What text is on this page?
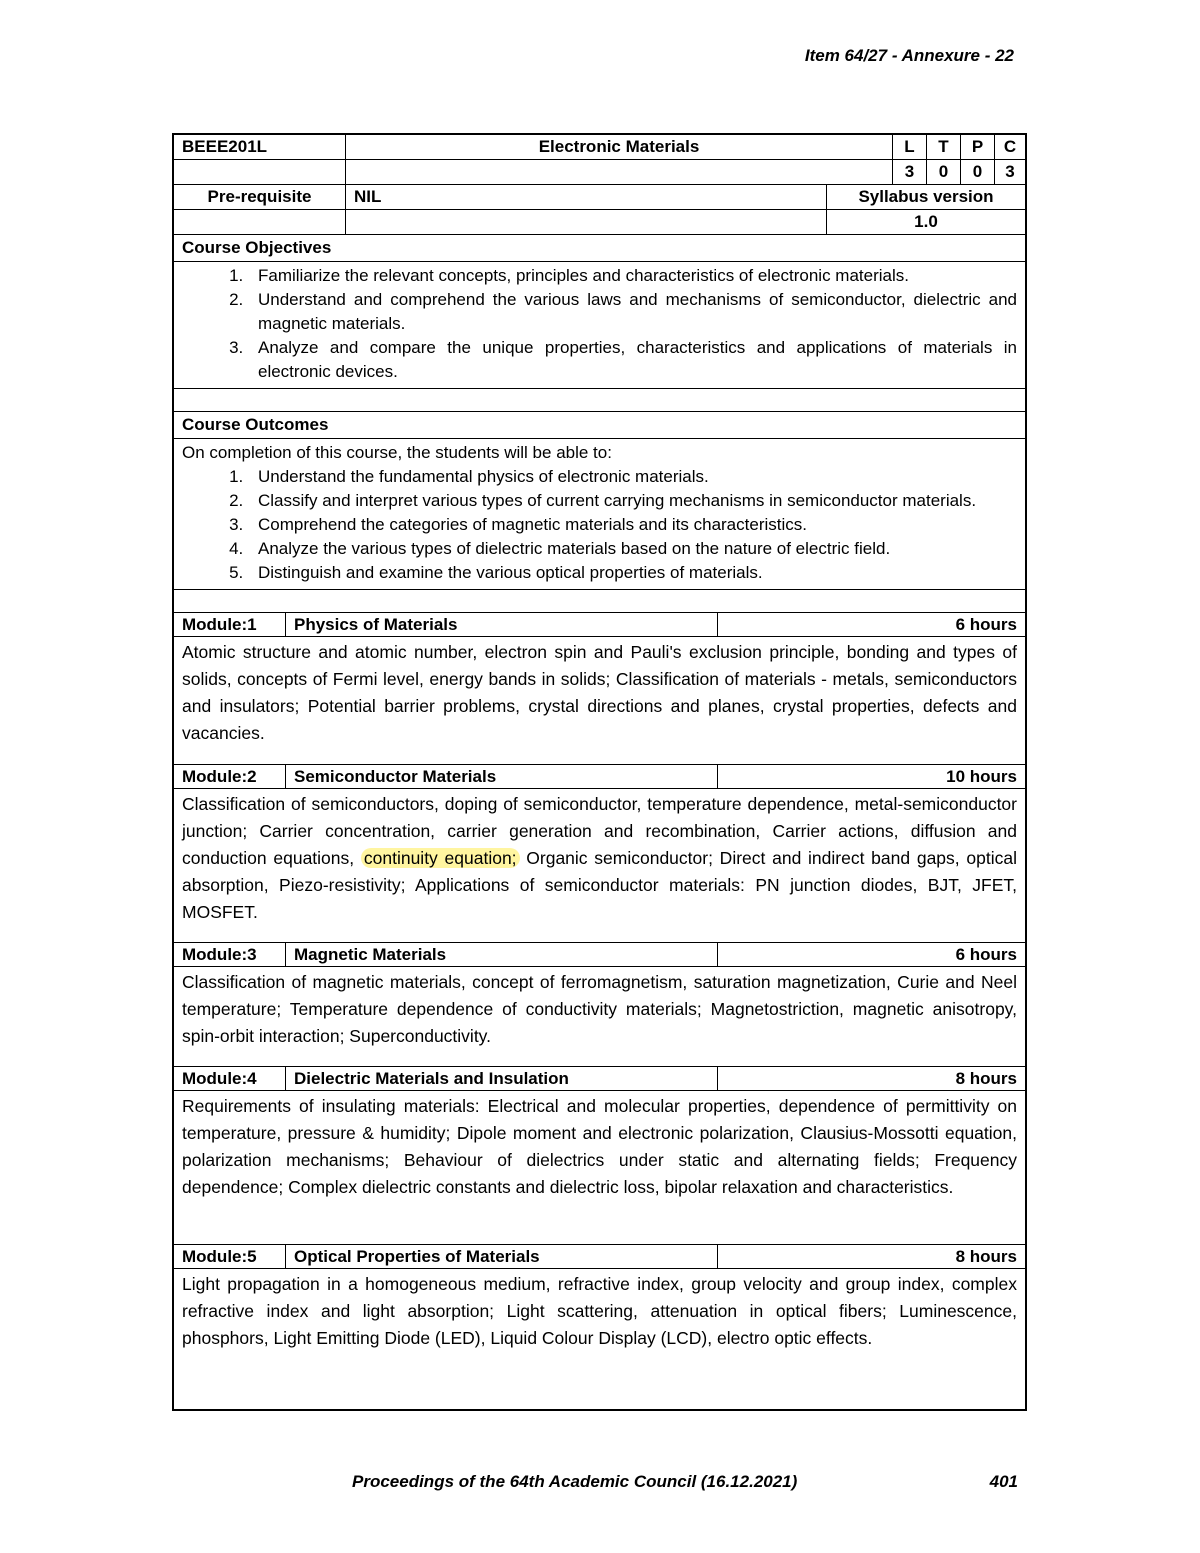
Item 64/27 - Annexure - 22
BEEE201L	Electronic Materials	L	T	P	C
3	0	0	3
Pre-requisite	NIL	Syllabus version
1.0
Course Objectives
1. Familiarize the relevant concepts, principles and characteristics of electronic materials.
2. Understand and comprehend the various laws and mechanisms of semiconductor, dielectric and magnetic materials.
3. Analyze and compare the unique properties, characteristics and applications of materials in electronic devices.
Course Outcomes
On completion of this course, the students will be able to:
1. Understand the fundamental physics of electronic materials.
2. Classify and interpret various types of current carrying mechanisms in semiconductor materials.
3. Comprehend the categories of magnetic materials and its characteristics.
4. Analyze the various types of dielectric materials based on the nature of electric field.
5. Distinguish and examine the various optical properties of materials.
Module:1	Physics of Materials	6 hours
Atomic structure and atomic number, electron spin and Pauli's exclusion principle, bonding and types of solids, concepts of Fermi level, energy bands in solids; Classification of materials - metals, semiconductors and insulators; Potential barrier problems, crystal directions and planes, crystal properties, defects and vacancies.
Module:2	Semiconductor Materials	10 hours
Classification of semiconductors, doping of semiconductor, temperature dependence, metal-semiconductor junction; Carrier concentration, carrier generation and recombination, Carrier actions, diffusion and conduction equations, continuity equation; Organic semiconductor; Direct and indirect band gaps, optical absorption, Piezo-resistivity; Applications of semiconductor materials: PN junction diodes, BJT, JFET, MOSFET.
Module:3	Magnetic Materials	6 hours
Classification of magnetic materials, concept of ferromagnetism, saturation magnetization, Curie and Neel temperature; Temperature dependence of conductivity materials; Magnetostriction, magnetic anisotropy, spin-orbit interaction; Superconductivity.
Module:4	Dielectric Materials and Insulation	8 hours
Requirements of insulating materials: Electrical and molecular properties, dependence of permittivity on temperature, pressure & humidity; Dipole moment and electronic polarization, Clausius-Mossotti equation, polarization mechanisms; Behaviour of dielectrics under static and alternating fields; Frequency dependence; Complex dielectric constants and dielectric loss, bipolar relaxation and characteristics.
Module:5	Optical Properties of Materials	8 hours
Light propagation in a homogeneous medium, refractive index, group velocity and group index, complex refractive index and light absorption; Light scattering, attenuation in optical fibers; Luminescence, phosphors, Light Emitting Diode (LED), Liquid Colour Display (LCD), electro optic effects.
Proceedings of the 64th Academic Council (16.12.2021)	401
